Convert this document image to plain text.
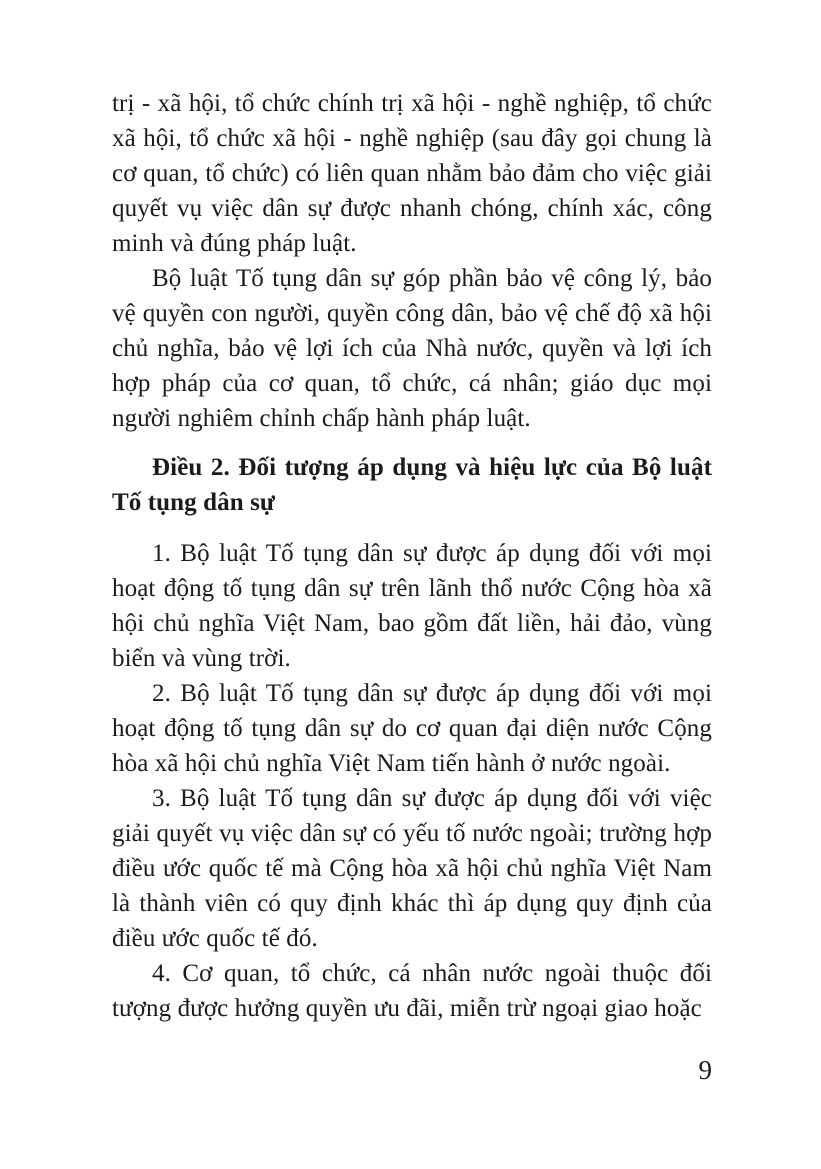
trị - xã hội, tổ chức chính trị xã hội - nghề nghiệp, tổ chức xã hội, tổ chức xã hội - nghề nghiệp (sau đây gọi chung là cơ quan, tổ chức) có liên quan nhằm bảo đảm cho việc giải quyết vụ việc dân sự được nhanh chóng, chính xác, công minh và đúng pháp luật.

Bộ luật Tố tụng dân sự góp phần bảo vệ công lý, bảo vệ quyền con người, quyền công dân, bảo vệ chế độ xã hội chủ nghĩa, bảo vệ lợi ích của Nhà nước, quyền và lợi ích hợp pháp của cơ quan, tổ chức, cá nhân; giáo dục mọi người nghiêm chỉnh chấp hành pháp luật.

Điều 2. Đối tượng áp dụng và hiệu lực của Bộ luật Tố tụng dân sự

1. Bộ luật Tố tụng dân sự được áp dụng đối với mọi hoạt động tố tụng dân sự trên lãnh thổ nước Cộng hòa xã hội chủ nghĩa Việt Nam, bao gồm đất liền, hải đảo, vùng biển và vùng trời.

2. Bộ luật Tố tụng dân sự được áp dụng đối với mọi hoạt động tố tụng dân sự do cơ quan đại diện nước Cộng hòa xã hội chủ nghĩa Việt Nam tiến hành ở nước ngoài.

3. Bộ luật Tố tụng dân sự được áp dụng đối với việc giải quyết vụ việc dân sự có yếu tố nước ngoài; trường hợp điều ước quốc tế mà Cộng hòa xã hội chủ nghĩa Việt Nam là thành viên có quy định khác thì áp dụng quy định của điều ước quốc tế đó.

4. Cơ quan, tổ chức, cá nhân nước ngoài thuộc đối tượng được hưởng quyền ưu đãi, miễn trừ ngoại giao hoặc

9
